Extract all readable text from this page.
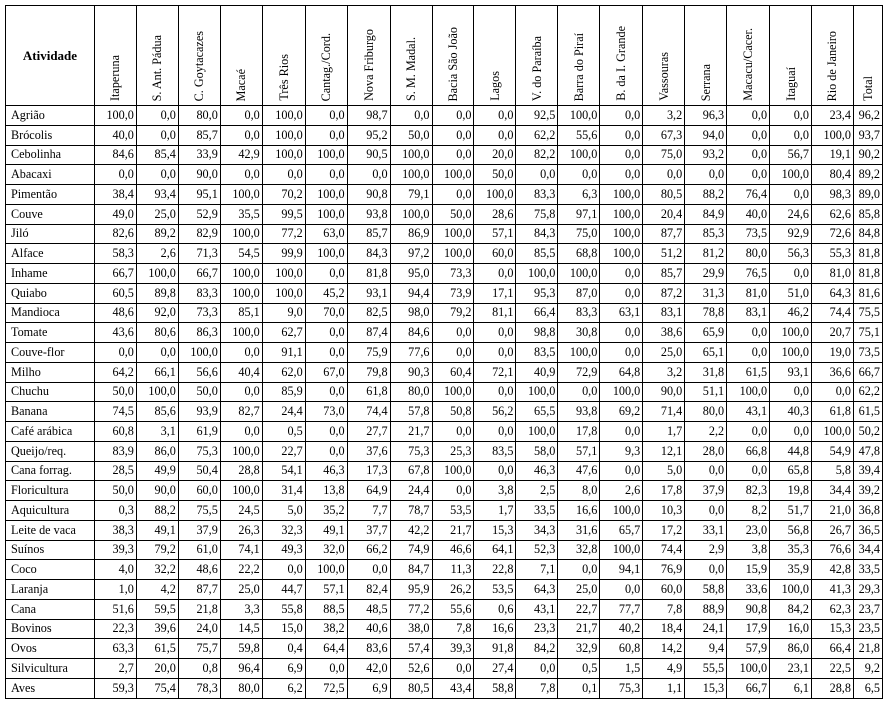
Atividade	Itaperuna	S. Ant. Pádua	C. Goytacazes	Macaé	Três Rios	Cantag./Cord.	Nova Friburgo	S. M. Madal.	Bacia São João	Lagos	V. do Paraíba	Barra do Piraí	B. da I. Grande	Vassouras	Serrana	Macacu/Cacer.	Itaguaí	Rio de Janeiro	Total
Agrião	100,0	0,0	80,0	0,0	100,0	0,0	98,7	0,0	0,0	0,0	92,5	100,0	0,0	3,2	96,3	0,0	0,0	23,4	96,2
Brócolis	40,0	0,0	85,7	0,0	100,0	0,0	95,2	50,0	0,0	0,0	62,2	55,6	0,0	67,3	94,0	0,0	0,0	100,0	93,7
Cebolinha	84,6	85,4	33,9	42,9	100,0	100,0	90,5	100,0	0,0	20,0	82,2	100,0	0,0	75,0	93,2	0,0	56,7	19,1	90,2
Abacaxi	0,0	0,0	90,0	0,0	0,0	0,0	0,0	100,0	100,0	50,0	0,0	0,0	0,0	0,0	0,0	0,0	100,0	80,4	89,2
Pimentão	38,4	93,4	95,1	100,0	70,2	100,0	90,8	79,1	0,0	100,0	83,3	6,3	100,0	80,5	88,2	76,4	0,0	98,3	89,0
Couve	49,0	25,0	52,9	35,5	99,5	100,0	93,8	100,0	50,0	28,6	75,8	97,1	100,0	20,4	84,9	40,0	24,6	62,6	85,8
Jiló	82,6	89,2	82,9	100,0	77,2	63,0	85,7	86,9	100,0	57,1	84,3	75,0	100,0	87,7	85,3	73,5	92,9	72,6	84,8
Alface	58,3	2,6	71,3	54,5	99,9	100,0	84,3	97,2	100,0	60,0	85,5	68,8	100,0	51,2	81,2	80,0	56,3	55,3	81,8
Inhame	66,7	100,0	66,7	100,0	100,0	0,0	81,8	95,0	73,3	0,0	100,0	100,0	0,0	85,7	29,9	76,5	0,0	81,0	81,8
Quiabo	60,5	89,8	83,3	100,0	100,0	45,2	93,1	94,4	73,9	17,1	95,3	87,0	0,0	87,2	31,3	81,0	51,0	64,3	81,6
Mandioca	48,6	92,0	73,3	85,1	9,0	70,0	82,5	98,0	79,2	81,1	66,4	83,3	63,1	83,1	78,8	83,1	46,2	74,4	75,5
Tomate	43,6	80,6	86,3	100,0	62,7	0,0	87,4	84,6	0,0	0,0	98,8	30,8	0,0	38,6	65,9	0,0	100,0	20,7	75,1
Couve-flor	0,0	0,0	100,0	0,0	91,1	0,0	75,9	77,6	0,0	0,0	83,5	100,0	0,0	25,0	65,1	0,0	100,0	19,0	73,5
Milho	64,2	66,1	56,6	40,4	62,0	67,0	79,8	90,3	60,4	72,1	40,9	72,9	64,8	3,2	31,8	61,5	93,1	36,6	66,7
Chuchu	50,0	100,0	50,0	0,0	85,9	0,0	61,8	80,0	100,0	0,0	100,0	0,0	100,0	90,0	51,1	100,0	0,0	0,0	62,2
Banana	74,5	85,6	93,9	82,7	24,4	73,0	74,4	57,8	50,8	56,2	65,5	93,8	69,2	71,4	80,0	43,1	40,3	61,8	61,5
Café arábica	60,8	3,1	61,9	0,0	0,5	0,0	27,7	21,7	0,0	0,0	100,0	17,8	0,0	1,7	2,2	0,0	0,0	100,0	50,2
Queijo/req.	83,9	86,0	75,3	100,0	22,7	0,0	37,6	75,3	25,3	83,5	58,0	57,1	9,3	12,1	28,0	66,8	44,8	54,9	47,8
Cana forrag.	28,5	49,9	50,4	28,8	54,1	46,3	17,3	67,8	100,0	0,0	46,3	47,6	0,0	5,0	0,0	0,0	65,8	5,8	39,4
Floricultura	50,0	90,0	60,0	100,0	31,4	13,8	64,9	24,4	0,0	3,8	2,5	8,0	2,6	17,8	37,9	82,3	19,8	34,4	39,2
Aquicultura	0,3	88,2	75,5	24,5	5,0	35,2	7,7	78,7	53,5	1,7	33,5	16,6	100,0	10,3	0,0	8,2	51,7	21,0	36,8
Leite de vaca	38,3	49,1	37,9	26,3	32,3	49,1	37,7	42,2	21,7	15,3	34,3	31,6	65,7	17,2	33,1	23,0	56,8	26,7	36,5
Suínos	39,3	79,2	61,0	74,1	49,3	32,0	66,2	74,9	46,6	64,1	52,3	32,8	100,0	74,4	2,9	3,8	35,3	76,6	34,4
Coco	4,0	32,2	48,6	22,2	0,0	100,0	0,0	84,7	11,3	22,8	7,1	0,0	94,1	76,9	0,0	15,9	35,9	42,8	33,5
Laranja	1,0	4,2	87,7	25,0	44,7	57,1	82,4	95,9	26,2	53,5	64,3	25,0	0,0	60,0	58,8	33,6	100,0	41,3	29,3
Cana	51,6	59,5	21,8	3,3	55,8	88,5	48,5	77,2	55,6	0,6	43,1	22,7	77,7	7,8	88,9	90,8	84,2	62,3	23,7
Bovinos	22,3	39,6	24,0	14,5	15,0	38,2	40,6	38,0	7,8	16,6	23,3	21,7	40,2	18,4	24,1	17,9	16,0	15,3	23,5
Ovos	63,3	61,5	75,7	59,8	0,4	64,4	83,6	57,4	39,3	91,8	84,2	32,9	60,8	14,2	9,4	57,9	86,0	66,4	21,8
Silvicultura	2,7	20,0	0,8	96,4	6,9	0,0	42,0	52,6	0,0	27,4	0,0	0,5	1,5	4,9	55,5	100,0	23,1	22,5	9,2
Aves	59,3	75,4	78,3	80,0	6,2	72,5	6,9	80,5	43,4	58,8	7,8	0,1	75,3	1,1	15,3	66,7	6,1	28,8	6,5
